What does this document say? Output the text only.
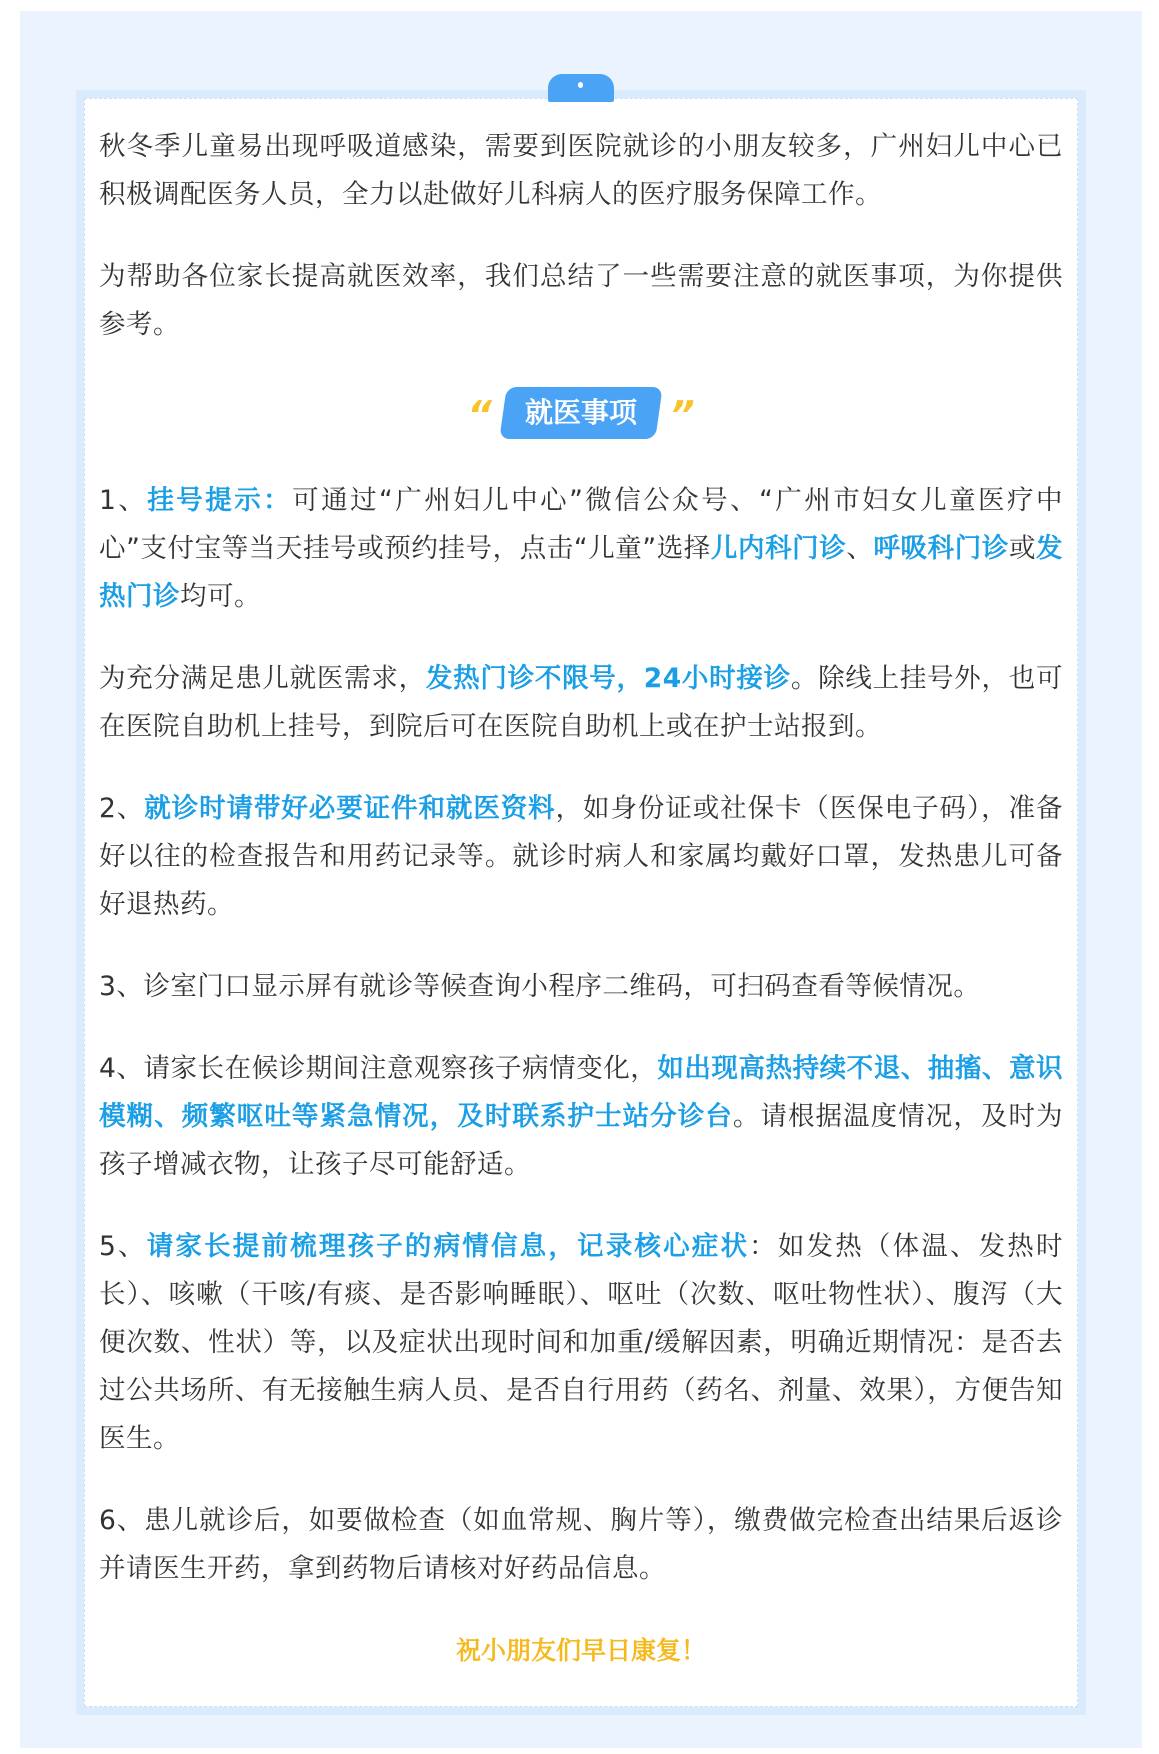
秋冬季儿童易出现呼吸道感染，需要到医院就诊的小朋友较多，广州妇儿中心已积极调配医务人员，全力以赴做好儿科病人的医疗服务保障工作。

为帮助各位家长提高就医效率，我们总结了一些需要注意的就医事项，为你提供参考。

“ 就医事项 ”

1、挂号提示：可通过“广州妇儿中心”微信公众号、“广州市妇女儿童医疗中心”支付宝等当天挂号或预约挂号，点击“儿童”选择儿内科门诊、呼吸科门诊或发热门诊均可。

为充分满足患儿就医需求，发热门诊不限号，24小时接诊。除线上挂号外，也可在医院自助机上挂号，到院后可在医院自助机上或在护士站报到。

2、就诊时请带好必要证件和就医资料，如身份证或社保卡（医保电子码），准备好以往的检查报告和用药记录等。就诊时病人和家属均戴好口罩，发热患儿可备好退热药。

3、诊室门口显示屏有就诊等候查询小程序二维码，可扫码查看等候情况。

4、请家长在候诊期间注意观察孩子病情变化，如出现高热持续不退、抽搐、意识模糊、频繁呕吐等紧急情况，及时联系护士站分诊台。请根据温度情况，及时为孩子增减衣物，让孩子尽可能舒适。

5、请家长提前梳理孩子的病情信息，记录核心症状：如发热（体温、发热时长）、咳嗽（干咳/有痰、是否影响睡眠）、呕吐（次数、呕吐物性状）、腹泻（大便次数、性状）等，以及症状出现时间和加重/缓解因素，明确近期情况：是否去过公共场所、有无接触生病人员、是否自行用药（药名、剂量、效果），方便告知医生。

6、患儿就诊后，如要做检查（如血常规、胸片等），缴费做完检查出结果后返诊并请医生开药，拿到药物后请核对好药品信息。

祝小朋友们早日康复！
